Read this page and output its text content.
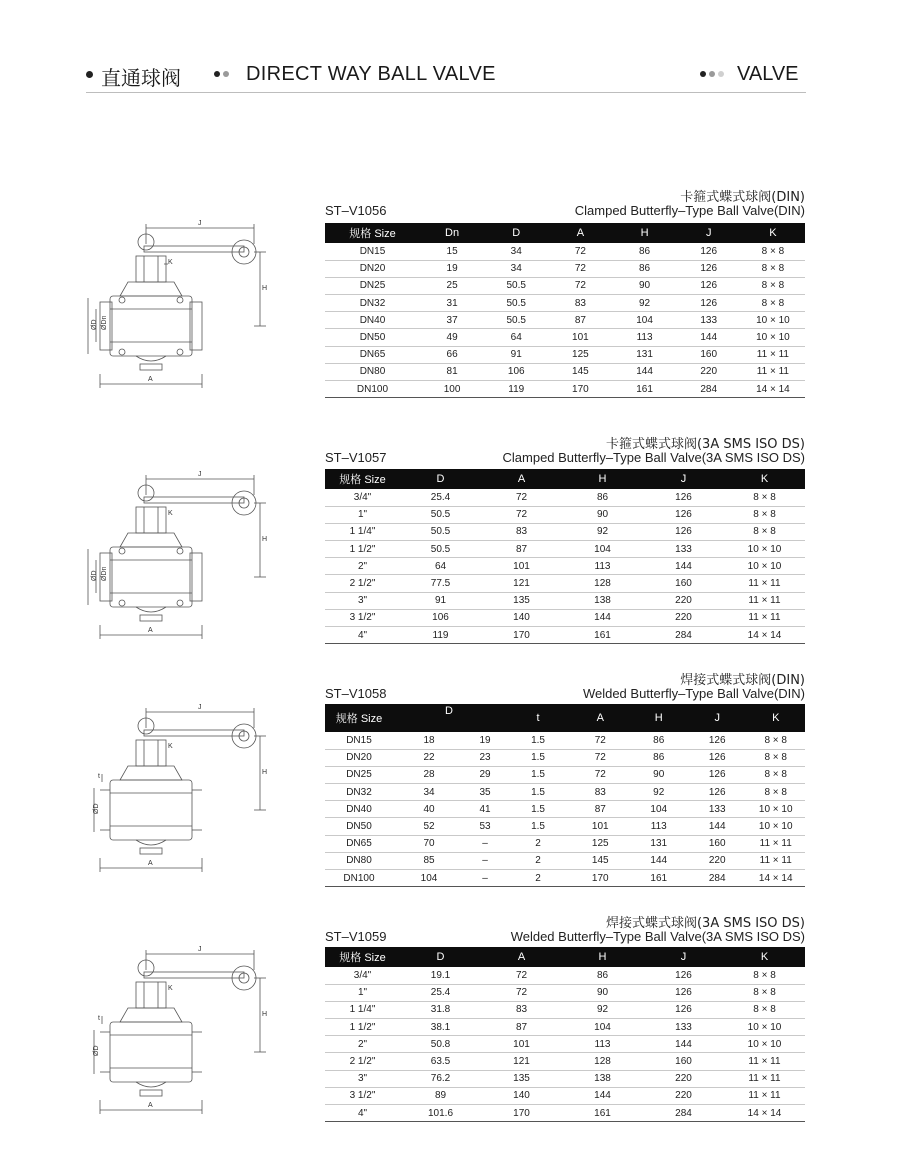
直通球阀	DIRECT WAY BALL VALVE	VALVE
J
K
H
A
ØD ØDn
卡箍式蝶式球阀(DIN)
ST–V1056	Clamped Butterfly–Type Ball Valve(DIN)
规格 Size	Dn	D	A	H	J	K
DN15	15	34	72	86	126	8 × 8
DN20	19	34	72	86	126	8 × 8
DN25	25	50.5	72	90	126	8 × 8
DN32	31	50.5	83	92	126	8 × 8
DN40	37	50.5	87	104	133	10 × 10
DN50	49	64	101	113	144	10 × 10
DN65	66	91	125	131	160	11 × 11
DN80	81	106	145	144	220	11 × 11
DN100	100	119	170	161	284	14 × 14
J
K
H
A
ØD ØDn
卡箍式蝶式球阀(3A SMS ISO DS)
ST–V1057	Clamped Butterfly–Type Ball Valve(3A SMS ISO DS)
规格 Size	D	A	H	J	K
3/4"	25.4	72	86	126	8 × 8
1"	50.5	72	90	126	8 × 8
1 1/4"	50.5	83	92	126	8 × 8
1 1/2"	50.5	87	104	133	10 × 10
2"	64	101	113	144	10 × 10
2 1/2"	77.5	121	128	160	11 × 11
3"	91	135	138	220	11 × 11
3 1/2"	106	140	144	220	11 × 11
4"	119	170	161	284	14 × 14
J
K
H
A
t
ØD
焊接式蝶式球阀(DIN)
ST–V1058	Welded Butterfly–Type Ball Valve(DIN)
规格 Size	D		t	A	H	J	K
DN15	18	19	1.5	72	86	126	8 × 8
DN20	22	23	1.5	72	86	126	8 × 8
DN25	28	29	1.5	72	90	126	8 × 8
DN32	34	35	1.5	83	92	126	8 × 8
DN40	40	41	1.5	87	104	133	10 × 10
DN50	52	53	1.5	101	113	144	10 × 10
DN65	70	–	2	125	131	160	11 × 11
DN80	85	–	2	145	144	220	11 × 11
DN100	104	–	2	170	161	284	14 × 14
J
K
H
A
t
ØD
焊接式蝶式球阀(3A SMS ISO DS)
ST–V1059	Welded Butterfly–Type Ball Valve(3A SMS ISO DS)
规格 Size	D	A	H	J	K
3/4"	19.1	72	86	126	8 × 8
1"	25.4	72	90	126	8 × 8
1 1/4"	31.8	83	92	126	8 × 8
1 1/2"	38.1	87	104	133	10 × 10
2"	50.8	101	113	144	10 × 10
2 1/2"	63.5	121	128	160	11 × 11
3"	76.2	135	138	220	11 × 11
3 1/2"	89	140	144	220	11 × 11
4"	101.6	170	161	284	14 × 14
